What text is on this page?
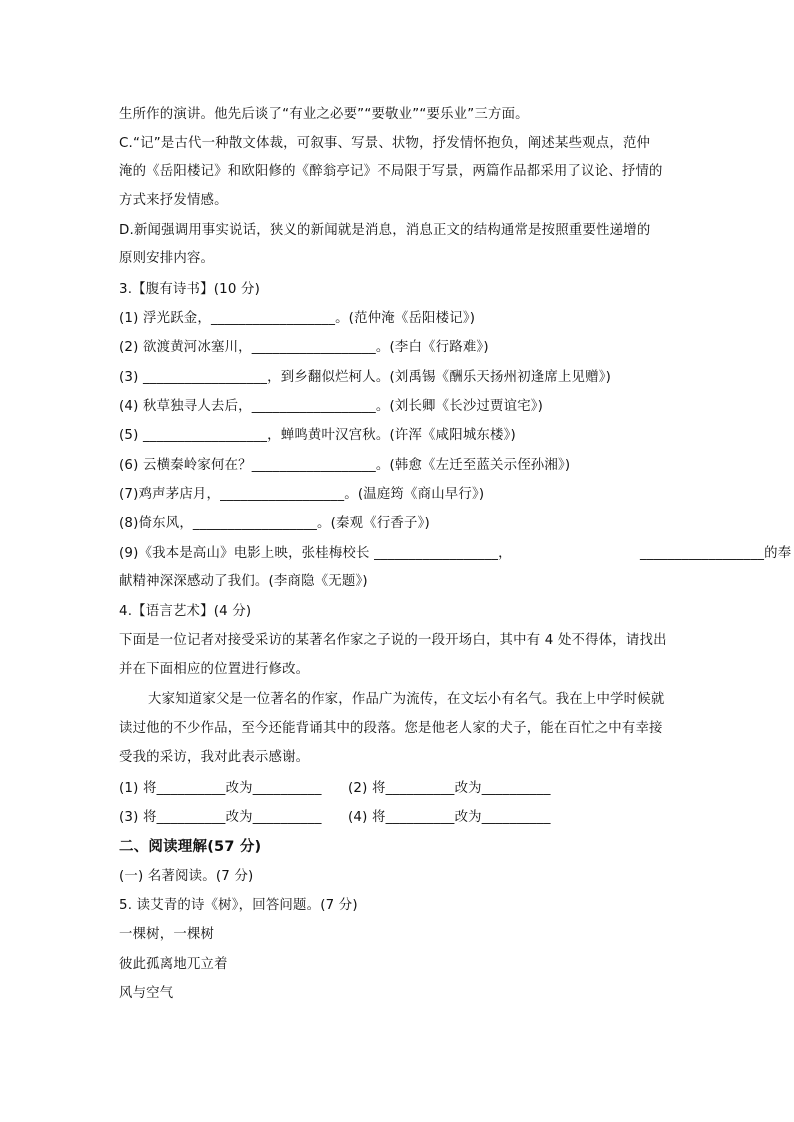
生所作的演讲。他先后谈了“有业之必要”“要敬业”“要乐业”三方面。
C.“记”是古代一种散文体裁，可叙事、写景、状物，抒发情怀抱负，阐述某些观点，范仲
淹的《岳阳楼记》和欧阳修的《醉翁亭记》不局限于写景，两篇作品都采用了议论、抒情的
方式来抒发情感。
D.新闻强调用事实说话，狭义的新闻就是消息，消息正文的结构通常是按照重要性递增的
原则安排内容。
3.【腹有诗书】(10 分)
(1) 浮光跃金，__________________。(范仲淹《岳阳楼记》)
(2) 欲渡黄河冰塞川，__________________。(李白《行路难》)
(3) __________________，到乡翻似烂柯人。(刘禹锡《酬乐天扬州初逢席上见赠》)
(4) 秋草独寻人去后，__________________。(刘长卿《长沙过贾谊宅》)
(5) __________________，蝉鸣黄叶汉宫秋。(许浑《咸阳城东楼》)
(6) 云横秦岭家何在？__________________。(韩愈《左迁至蓝关示侄孙湘》)
(7)鸡声茅店月，__________________。(温庭筠《商山早行》)
(8)倚东风，__________________。(秦观《行香子》)
(9)《我本是高山》电影上映，张桂梅校长 __________________，	__________________的奉
献精神深深感动了我们。(李商隐《无题》)
4.【语言艺术】(4 分)
下面是一位记者对接受采访的某著名作家之子说的一段开场白，其中有 4 处不得体，请找出
并在下面相应的位置进行修改。
大家知道家父是一位著名的作家，作品广为流传，在文坛小有名气。我在上中学时候就
读过他的不少作品，至今还能背诵其中的段落。您是他老人家的犬子，能在百忙之中有幸接
受我的采访，我对此表示感谢。
(1) 将__________改为__________ (2) 将__________改为__________
(3) 将__________改为__________ (4) 将__________改为__________
二、阅读理解(57 分)
(一) 名著阅读。(7 分)
5. 读艾青的诗《树》，回答问题。(7 分)
一棵树，一棵树
彼此孤离地兀立着
风与空气
